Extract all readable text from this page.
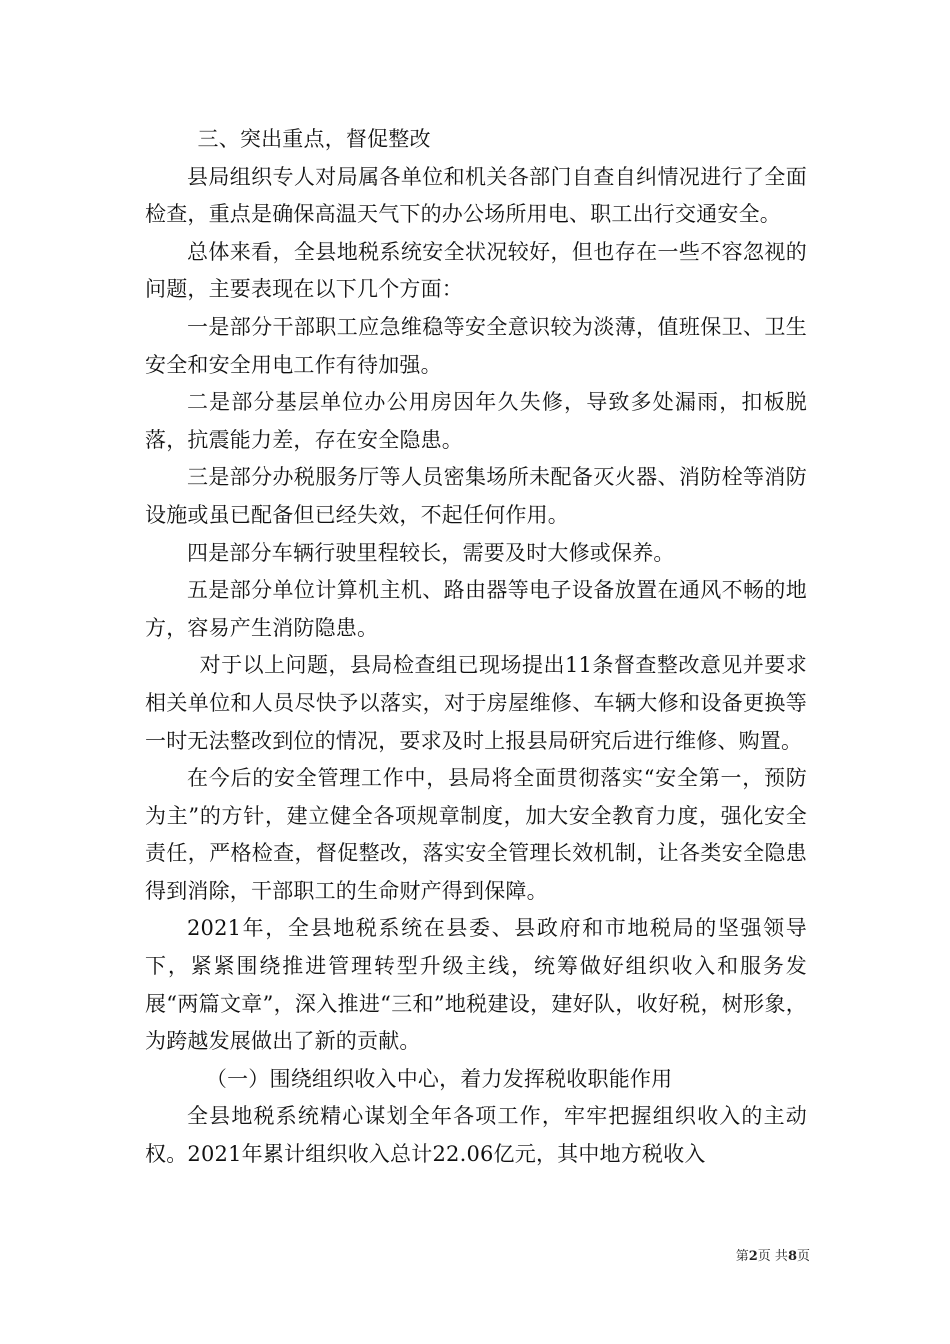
三、突出重点，督促整改

县局组织专人对局属各单位和机关各部门自查自纠情况进行了全面检查，重点是确保高温天气下的办公场所用电、职工出行交通安全。

总体来看，全县地税系统安全状况较好，但也存在一些不容忽视的问题，主要表现在以下几个方面：

一是部分干部职工应急维稳等安全意识较为淡薄，值班保卫、卫生安全和安全用电工作有待加强。

二是部分基层单位办公用房因年久失修，导致多处漏雨，扣板脱落，抗震能力差，存在安全隐患。

三是部分办税服务厅等人员密集场所未配备灭火器、消防栓等消防设施或虽已配备但已经失效，不起任何作用。

四是部分车辆行驶里程较长，需要及时大修或保养。

五是部分单位计算机主机、路由器等电子设备放置在通风不畅的地方，容易产生消防隐患。

对于以上问题，县局检查组已现场提出11条督查整改意见并要求相关单位和人员尽快予以落实，对于房屋维修、车辆大修和设备更换等一时无法整改到位的情况，要求及时上报县局研究后进行维修、购置。

在今后的安全管理工作中，县局将全面贯彻落实“安全第一，预防为主”的方针，建立健全各项规章制度，加大安全教育力度，强化安全责任，严格检查，督促整改，落实安全管理长效机制，让各类安全隐患得到消除，干部职工的生命财产得到保障。

2021年，全县地税系统在县委、县政府和市地税局的坚强领导下，紧紧围绕推进管理转型升级主线，统筹做好组织收入和服务发展“两篇文章”，深入推进“三和”地税建设，建好队，收好税，树形象，为跨越发展做出了新的贡献。

（一）围绕组织收入中心，着力发挥税收职能作用

全县地税系统精心谋划全年各项工作，牢牢把握组织收入的主动权。2021年累计组织收入总计22.06亿元，其中地方税收入

第2页 共8页
